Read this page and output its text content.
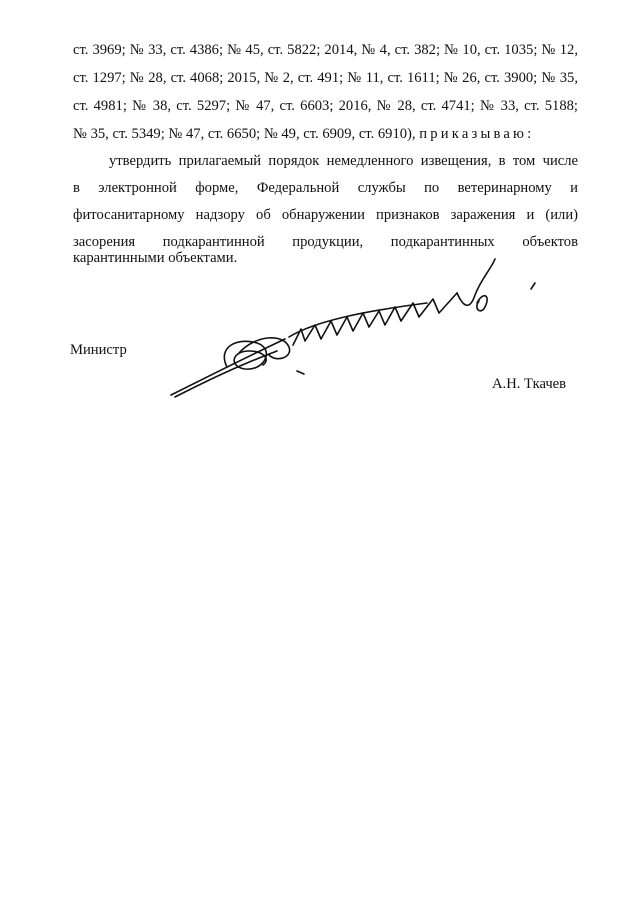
ст. 3969; № 33, ст. 4386; № 45, ст. 5822; 2014, № 4, ст. 382; № 10, ст. 1035; № 12,
ст. 1297; № 28, ст. 4068; 2015, № 2, ст. 491; № 11, ст. 1611; № 26, ст. 3900; № 35,
ст. 4981; № 38, ст. 5297; № 47, ст. 6603; 2016, № 28, ст. 4741; № 33, ст. 5188;
№ 35, ст. 5349; № 47, ст. 6650; № 49, ст. 6909, ст. 6910), приказываю:
утвердить прилагаемый порядок немедленного извещения, в том числе
в электронной форме, Федеральной службы по ветеринарному и
фитосанитарному надзору об обнаружении признаков заражения и (или)
засорения подкарантинной продукции, подкарантинных объектов
карантинными объектами.
Министр
А.Н. Ткачев
